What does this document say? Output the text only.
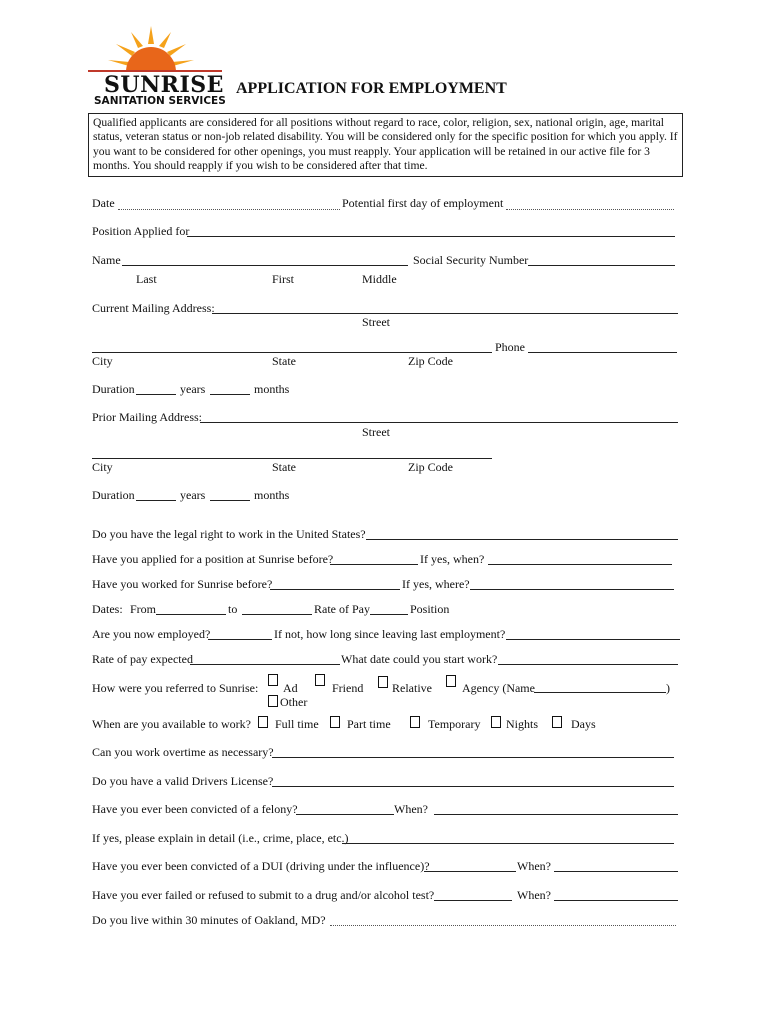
SUNRISE
SANITATION SERVICES
APPLICATION FOR EMPLOYMENT
Qualified applicants are considered for all positions without regard to race, color, religion, sex, national origin, age, marital status, veteran status or non-job related disability. You will be considered only for the specific position for which you apply. If you want to be considered for other openings, you must reapply. Your application will be retained in our active file for 3 months. You should reapply if you wish to be considered after that time.
Date	Potential first day of employment
Position Applied for
Name	Social Security Number
Last	First	Middle
Current Mailing Address:
Street
Phone
City	State	Zip Code
Duration	years	months
Prior Mailing Address:
Street
City	State	Zip Code
Duration	years	months
Do you have the legal right to work in the United States?
Have you applied for a position at Sunrise before?	If yes, when?
Have you worked for Sunrise before?	If yes, where?
Dates: From	to	Rate of Pay	Position
Are you now employed?	If not, how long since leaving last employment?
Rate of pay expected	What date could you start work?
How were you referred to Sunrise: Ad	Friend Relative	Agency (Name	)
Other
When are you available to work? Full time Part time	Temporary Nights	Days
Can you work overtime as necessary?
Do you have a valid Drivers License?
Have you ever been convicted of a felony?	When?
If yes, please explain in detail (i.e., crime, place, etc.)
Have you ever been convicted of a DUI (driving under the influence)?	When?
Have you ever failed or refused to submit to a drug and/or alcohol test?	When?
Do you live within 30 minutes of Oakland, MD?
